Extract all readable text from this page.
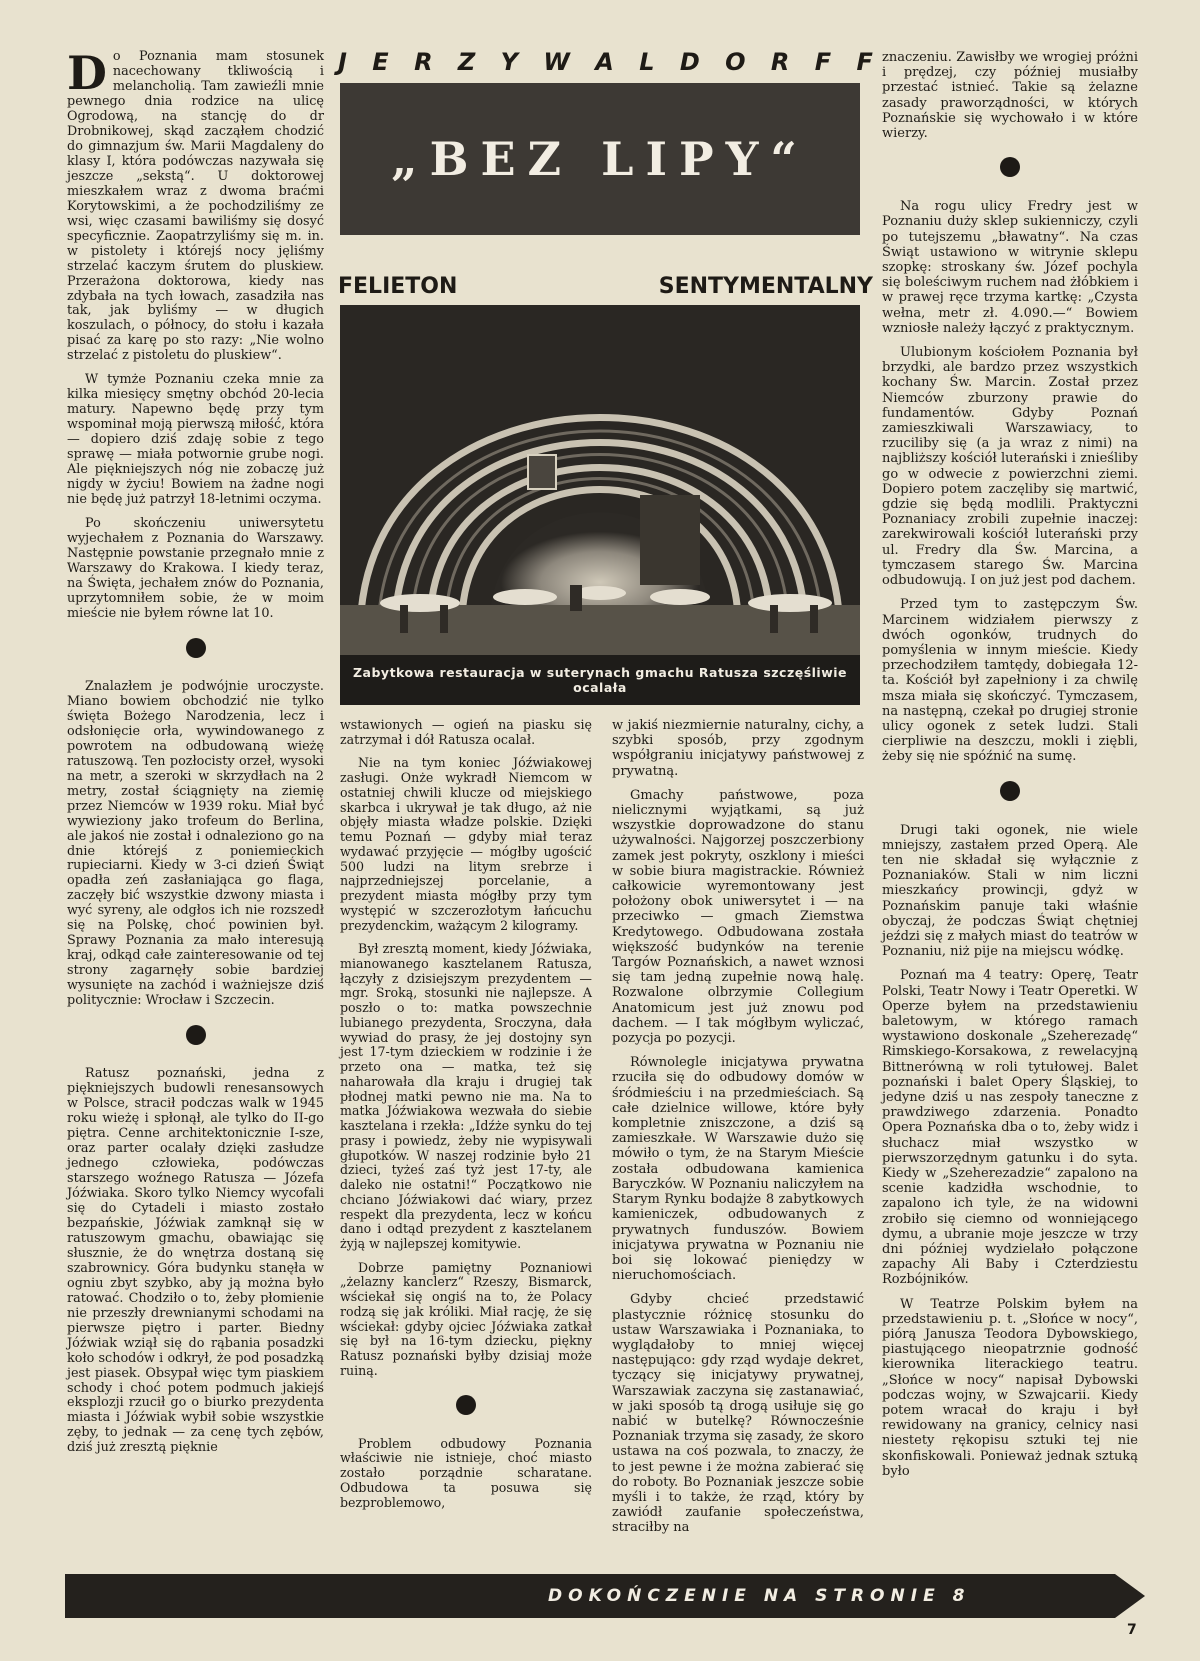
J E R Z Y W A L D O R F F
„BEZ LIPY“
FELIETON	SENTYMENTALNY
Zabytkowa restauracja w suterynach gmachu Ratusza szczęśliwie ocalała

Do Poznania mam stosunek nacechowany tkliwością i melancholią. Tam zawieźli mnie pewnego dnia rodzice na ulicę Ogrodową, na stancję do dr Drobnikowej, skąd zacząłem chodzić do gimnazjum św. Marii Magdaleny do klasy I, która podówczas nazywała się jeszcze „sekstą“. U doktorowej mieszkałem wraz z dwoma braćmi Korytowskimi, a że pochodziliśmy ze wsi, więc czasami bawiliśmy się dosyć specyficznie. Zaopatrzyliśmy się m. in. w pistolety i którejś nocy jęliśmy strzelać kaczym śrutem do pluskiew. Przerażona doktorowa, kiedy nas zdybała na tych łowach, zasadziła nas tak, jak byliśmy — w długich koszulach, o północy, do stołu i kazała pisać za karę po sto razy: „Nie wolno strzelać z pistoletu do pluskiew“.

W tymże Poznaniu czeka mnie za kilka miesięcy smętny obchód 20-lecia matury. Napewno będę przy tym wspominał moją pierwszą miłość, która — dopiero dziś zdaję sobie z tego sprawę — miała potwornie grube nogi. Ale piękniejszych nóg nie zobaczę już nigdy w życiu! Bowiem na żadne nogi nie będę już patrzył 18-letnimi oczyma.

Po skończeniu uniwersytetu wyjechałem z Poznania do Warszawy. Następnie powstanie przegnało mnie z Warszawy do Krakowa. I kiedy teraz, na Święta, jechałem znów do Poznania, uprzytomniłem sobie, że w moim mieście nie byłem równe lat 10.

Znalazłem je podwójnie uroczyste. Miano bowiem obchodzić nie tylko święta Bożego Narodzenia, lecz i odsłonięcie orła, wywindowanego z powrotem na odbudowaną wieżę ratuszową. Ten pozłocisty orzeł, wysoki na metr, a szeroki w skrzydłach na 2 metry, został ściągnięty na ziemię przez Niemców w 1939 roku. Miał być wywieziony jako trofeum do Berlina, ale jakoś nie został i odnaleziono go na dnie którejś z poniemieckich rupieciarni. Kiedy w 3-ci dzień Świąt opadła zeń zasłaniająca go flaga, zaczęły bić wszystkie dzwony miasta i wyć syreny, ale odgłos ich nie rozszedł się na Polskę, choć powinien był. Sprawy Poznania za mało interesują kraj, odkąd całe zainteresowanie od tej strony zagarnęły sobie bardziej wysunięte na zachód i ważniejsze dziś politycznie: Wrocław i Szczecin.

Ratusz poznański, jedna z piękniejszych budowli renesansowych w Polsce, stracił podczas walk w 1945 roku wieżę i spłonął, ale tylko do II-go piętra. Cenne architektonicznie I-sze, oraz parter ocalały dzięki zasłudze jednego człowieka, podówczas starszego woźnego Ratusza — Józefa Jóźwiaka. Skoro tylko Niemcy wycofali się do Cytadeli i miasto zostało bezpańskie, Jóźwiak zamknął się w ratuszowym gmachu, obawiając się słusznie, że do wnętrza dostaną się szabrownicy. Góra budynku stanęła w ogniu zbyt szybko, aby ją można było ratować. Chodziło o to, żeby płomienie nie przeszły drewnianymi schodami na pierwsze piętro i parter. Biedny Jóźwiak wziął się do rąbania posadzki koło schodów i odkrył, że pod posadzką jest piasek. Obsypał więc tym piaskiem schody i choć potem podmuch jakiejś eksplozji rzucił go o biurko prezydenta miasta i Jóźwiak wybił sobie wszystkie zęby, to jednak — za cenę tych zębów, dziś już zresztą pięknie

wstawionych — ogień na piasku się zatrzymał i dół Ratusza ocalał.

Nie na tym koniec Jóźwiakowej zasługi. Onże wykradł Niemcom w ostatniej chwili klucze od miejskiego skarbca i ukrywał je tak długo, aż nie objęły miasta władze polskie. Dzięki temu Poznań — gdyby miał teraz wydawać przyjęcie — mógłby ugościć 500 ludzi na litym srebrze i najprzedniejszej porcelanie, a prezydent miasta mógłby przy tym występić w szczerozłotym łańcuchu prezydenckim, ważącym 2 kilogramy.

Był zresztą moment, kiedy Jóźwiaka, mianowanego kasztelanem Ratusza, łączyły z dzisiejszym prezydentem — mgr. Sroką, stosunki nie najlepsze. A poszło o to: matka powszechnie lubianego prezydenta, Sroczyna, dała wywiad do prasy, że jej dostojny syn jest 17-tym dzieckiem w rodzinie i że przeto ona — matka, też się naharowała dla kraju i drugiej tak płodnej matki pewno nie ma. Na to matka Jóźwiakowa wezwała do siebie kasztelana i rzekła: „Idźże synku do tej prasy i powiedz, żeby nie wypisywali głupotków. W naszej rodzinie było 21 dzieci, tyżeś zaś tyż jest 17-ty, ale daleko nie ostatni!“ Początkowo nie chciano Jóźwiakowi dać wiary, przez respekt dla prezydenta, lecz w końcu dano i odtąd prezydent z kasztelanem żyją w najlepszej komitywie.

Dobrze pamiętny Poznaniowi „żelazny kanclerz“ Rzeszy, Bismarck, wściekał się ongiś na to, że Polacy rodzą się jak króliki. Miał rację, że się wściekał: gdyby ojciec Jóźwiaka zatkał się był na 16-tym dziecku, piękny Ratusz poznański byłby dzisiaj może ruiną.

Problem odbudowy Poznania właściwie nie istnieje, choć miasto zostało porządnie scharatane. Odbudowa ta posuwa się bezproblemowo,

w jakiś niezmiernie naturalny, cichy, a szybki sposób, przy zgodnym współgraniu inicjatywy państwowej z prywatną.

Gmachy państwowe, poza nielicznymi wyjątkami, są już wszystkie doprowadzone do stanu używalności. Najgorzej poszczerbiony zamek jest pokryty, oszklony i mieści w sobie biura magistrackie. Również całkowicie wyremontowany jest położony obok uniwersytet i — na przeciwko — gmach Ziemstwa Kredytowego. Odbudowana została większość budynków na terenie Targów Poznańskich, a nawet wznosi się tam jedną zupełnie nową halę. Rozwalone olbrzymie Collegium Anatomicum jest już znowu pod dachem. — I tak mógłbym wyliczać, pozycja po pozycji.

Równolegle inicjatywa prywatna rzuciła się do odbudowy domów w śródmieściu i na przedmieściach. Są całe dzielnice willowe, które były kompletnie zniszczone, a dziś są zamieszkałe. W Warszawie dużo się mówiło o tym, że na Starym Mieście została odbudowana kamienica Baryczków. W Poznaniu naliczyłem na Starym Rynku bodajże 8 zabytkowych kamieniczek, odbudowanych z prywatnych funduszów. Bowiem inicjatywa prywatna w Poznaniu nie boi się lokować pieniędzy w nieruchomościach.

Gdyby chcieć przedstawić plastycznie różnicę stosunku do ustaw Warszawiaka i Poznaniaka, to wyglądałoby to mniej więcej następująco: gdy rząd wydaje dekret, tyczący się inicjatywy prywatnej, Warszawiak zaczyna się zastanawiać, w jaki sposób tą drogą usiłuje się go nabić w butelkę? Równocześnie Poznaniak trzyma się zasady, że skoro ustawa na coś pozwala, to znaczy, że to jest pewne i że można zabierać się do roboty. Bo Poznaniak jeszcze sobie myśli i to także, że rząd, który by zawiódł zaufanie społeczeństwa, straciłby na

znaczeniu. Zawisłby we wrogiej próżni i prędzej, czy później musiałby przestać istnieć. Takie są żelazne zasady praworządności, w których Poznańskie się wychowało i w które wierzy.

Na rogu ulicy Fredry jest w Poznaniu duży sklep sukienniczy, czyli po tutejszemu „bławatny“. Na czas Świąt ustawiono w witrynie sklepu szopkę: stroskany św. Józef pochyla się boleściwym ruchem nad żłóbkiem i w prawej ręce trzyma kartkę: „Czysta wełna, metr zł. 4.090.—“ Bowiem wzniosłe należy łączyć z praktycznym.

Ulubionym kościołem Poznania był brzydki, ale bardzo przez wszystkich kochany Św. Marcin. Został przez Niemców zburzony prawie do fundamentów. Gdyby Poznań zamieszkiwali Warszawiacy, to rzuciliby się (a ja wraz z nimi) na najbliższy kościół luterański i znieśliby go w odwecie z powierzchni ziemi. Dopiero potem zaczęliby się martwić, gdzie się będą modlili. Praktyczni Poznaniacy zrobili zupełnie inaczej: zarekwirowali kościół luterański przy ul. Fredry dla Św. Marcina, a tymczasem starego Św. Marcina odbudowują. I on już jest pod dachem.

Przed tym to zastępczym Św. Marcinem widziałem pierwszy z dwóch ogonków, trudnych do pomyślenia w innym mieście. Kiedy przechodziłem tamtędy, dobiegała 12-ta. Kościół był zapełniony i za chwilę msza miała się skończyć. Tymczasem, na następną, czekał po drugiej stronie ulicy ogonek z setek ludzi. Stali cierpliwie na deszczu, mokli i ziębli, żeby się nie spóźnić na sumę.

Drugi taki ogonek, nie wiele mniejszy, zastałem przed Operą. Ale ten nie składał się wyłącznie z Poznaniaków. Stali w nim liczni mieszkańcy prowincji, gdyż w Poznańskim panuje taki właśnie obyczaj, że podczas Świąt chętniej jeździ się z małych miast do teatrów w Poznaniu, niż pije na miejscu wódkę.

Poznań ma 4 teatry: Operę, Teatr Polski, Teatr Nowy i Teatr Operetki. W Operze byłem na przedstawieniu baletowym, w którego ramach wystawiono doskonale „Szeherezadę“ Rimskiego-Korsakowa, z rewelacyjną Bittnerówną w roli tytułowej. Balet poznański i balet Opery Śląskiej, to jedyne dziś u nas zespoły taneczne z prawdziwego zdarzenia. Ponadto Opera Poznańska dba o to, żeby widz i słuchacz miał wszystko w pierwszorzędnym gatunku i do syta. Kiedy w „Szeherezadzie“ zapalono na scenie kadzidła wschodnie, to zapalono ich tyle, że na widowni zrobiło się ciemno od wonniejącego dymu, a ubranie moje jeszcze w trzy dni później wydzielało połączone zapachy Ali Baby i Czterdziestu Rozbójników.

W Teatrze Polskim byłem na przedstawieniu p. t. „Słońce w nocy“, piórą Janusza Teodora Dybowskiego, piastującego nieopatrznie godność kierownika literackiego teatru. „Słońce w nocy“ napisał Dybowski podczas wojny, w Szwajcarii. Kiedy potem wracał do kraju i był rewidowany na granicy, celnicy nasi niestety rękopisu sztuki tej nie skonfiskowali. Ponieważ jednak sztuką było

DOKOŃCZENIE NA STRONIE 8
7
